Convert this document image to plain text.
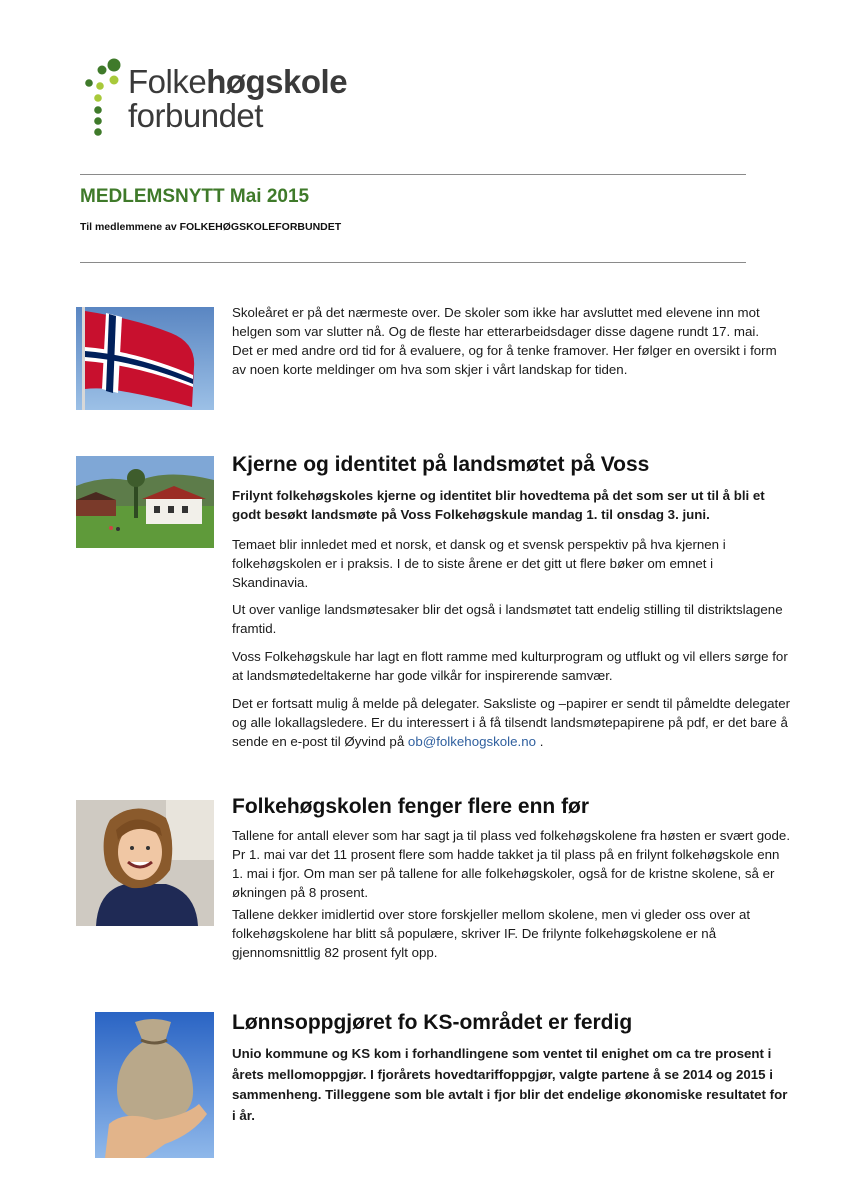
Folkehøgskole
forbundet
MEDLEMSNYTT Mai 2015
Til medlemmene av FOLKEHØGSKOLEFORBUNDET

Skoleåret er på det nærmeste over. De skoler som ikke har avsluttet med elevene inn mot helgen som var slutter nå. Og de fleste har etterarbeidsdager disse dagene rundt 17. mai. Det er med andre ord tid for å evaluere, og for å tenke framover. Her følger en oversikt i form av noen korte meldinger om hva som skjer i vårt landskap for tiden.

Kjerne og identitet på landsmøtet på Voss

Frilynt folkehøgskoles kjerne og identitet blir hovedtema på det som ser ut til å bli et godt besøkt landsmøte på Voss Folkehøgskule mandag 1. til onsdag 3. juni.

Temaet blir innledet med et norsk, et dansk og et svensk perspektiv på hva kjernen i folkehøgskolen er i praksis. I de to siste årene er det gitt ut flere bøker om emnet i Skandinavia.

Ut over vanlige landsmøtesaker blir det også i landsmøtet tatt endelig stilling til distriktslagene framtid.

Voss Folkehøgskule har lagt en flott ramme med kulturprogram og utflukt og vil ellers sørge for at landsmøtedeltakerne har gode vilkår for inspirerende samvær.

Det er fortsatt mulig å melde på delegater. Saksliste og –papirer er sendt til påmeldte delegater og alle lokallagsledere. Er du interessert i å få tilsendt landsmøtepapirene på pdf, er det bare å sende en e-post til Øyvind på ob@folkehogskole.no .

Folkehøgskolen fenger flere enn før

Tallene for antall elever som har sagt ja til plass ved folkehøgskolene fra høsten er svært gode. Pr 1. mai var det 11 prosent flere som hadde takket ja til plass på en frilynt folkehøgskole enn 1. mai i fjor. Om man ser på tallene for alle folkehøgskoler, også for de kristne skolene, så er økningen på 8 prosent.

Tallene dekker imidlertid over store forskjeller mellom skolene, men vi gleder oss over at folkehøgskolene har blitt så populære, skriver IF. De frilynte folkehøgskolene er nå gjennomsnittlig 82 prosent fylt opp.

Lønnsoppgjøret fo KS-området er ferdig

Unio kommune og KS kom i forhandlingene som ventet til enighet om ca tre prosent i årets mellomoppgjør. I fjorårets hovedtariffoppgjør, valgte partene å se 2014 og 2015 i sammenheng. Tilleggene som ble avtalt i fjor blir det endelige økonomiske resultatet for i år.
